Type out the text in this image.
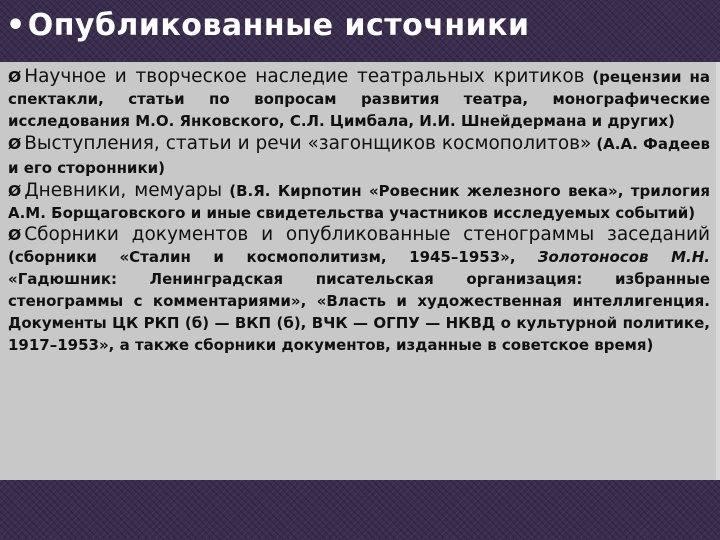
•Опубликованные источники

Ø Научное и творческое наследие театральных критиков (рецензии на спектакли, статьи по вопросам развития театра, монографические исследования М.О. Янковского, С.Л. Цимбала, И.И. Шнейдермана и других)

Ø Выступления, статьи и речи «загонщиков космополитов» (А.А. Фадеев и его сторонники)

Ø Дневники, мемуары (В.Я. Кирпотин «Ровесник железного века», трилогия А.М. Борщаговского и иные свидетельства участников исследуемых событий)

Ø Сборники документов и опубликованные стенограммы заседаний (сборники «Сталин и космополитизм, 1945–1953», Золотоносов М.Н. «Гадюшник: Ленинградская писательская организация: избранные стенограммы с комментариями», «Власть и художественная интеллигенция. Документы ЦК РКП (б) — ВКП (б), ВЧК — ОГПУ — НКВД о культурной политике, 1917–1953», а также сборники документов, изданные в советское время)
